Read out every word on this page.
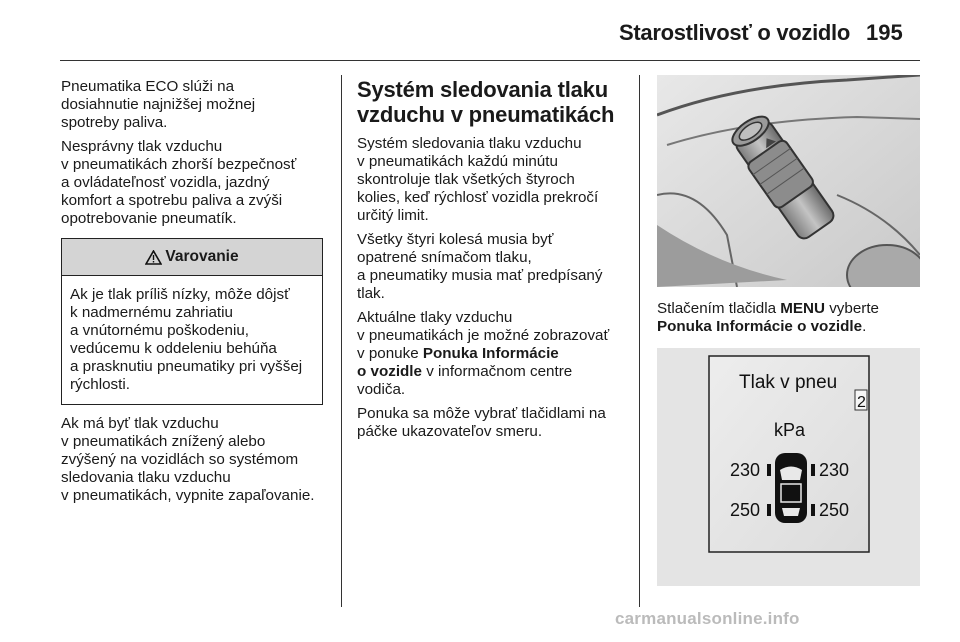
Starostlivosť o vozidlo 195

Pneumatika ECO slúži na
dosiahnutie najnižšej možnej
spotreby paliva.

Nesprávny tlak vzduchu
v pneumatikách zhorší bezpečnosť
a ovládateľnosť vozidla, jazdný
komfort a spotrebu paliva a zvýši
opotrebovanie pneumatík.

Varovanie

Ak je tlak príliš nízky, môže dôjsť
k nadmernému zahriatiu
a vnútornému poškodeniu,
vedúcemu k oddeleniu behúňa
a prasknutiu pneumatiky pri vyššej
rýchlosti.

Ak má byť tlak vzduchu
v pneumatikách znížený alebo
zvýšený na vozidlách so systémom
sledovania tlaku vzduchu
v pneumatikách, vypnite zapaľovanie.

Systém sledovania tlaku
vzduchu v pneumatikách

Systém sledovania tlaku vzduchu
v pneumatikách každú minútu
skontroluje tlak všetkých štyroch
kolies, keď rýchlosť vozidla prekročí
určitý limit.

Všetky štyri kolesá musia byť
opatrené snímačom tlaku,
a pneumatiky musia mať predpísaný
tlak.

Aktuálne tlaky vzduchu
v pneumatikách je možné zobrazovať
v ponuke Ponuka Informácie
o vozidle v informačnom centre
vodiča.

Ponuka sa môže vybrať tlačidlami na
páčke ukazovateľov smeru.

Stlačením tlačidla MENU vyberte
Ponuka Informácie o vozidle.

Tlak v pneu
2
kPa
230	230
250	250
carmanualsonline.info
